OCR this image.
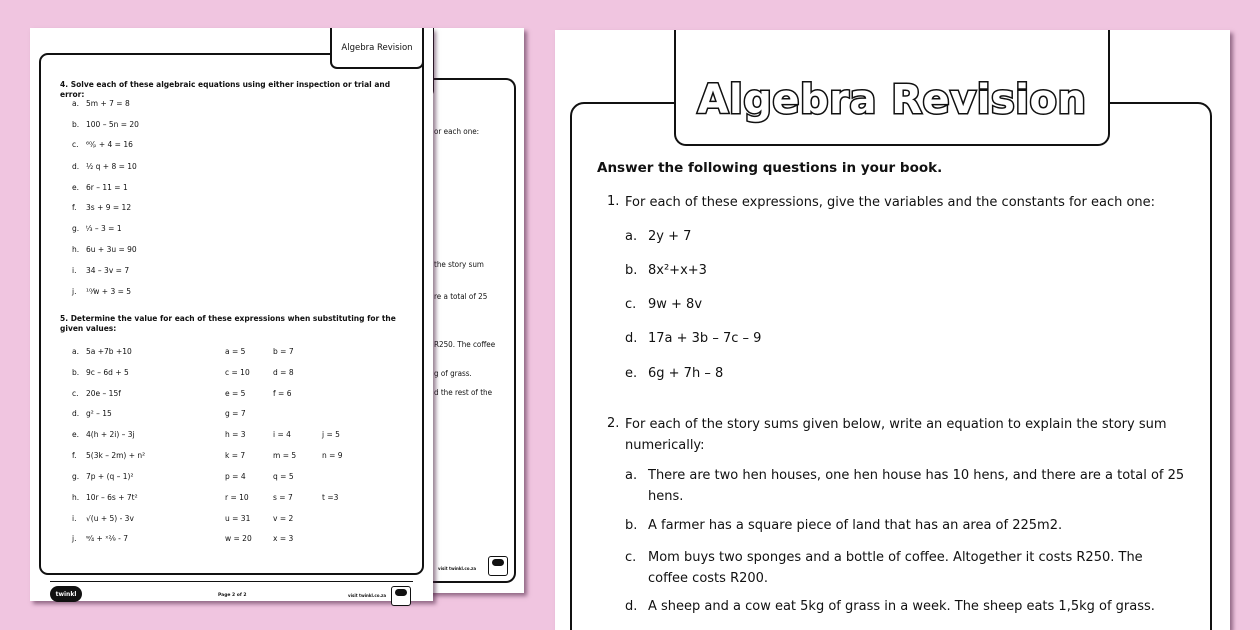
or each one:
the story sum
re a total of 25
R250. The coffee
g of grass.
d the rest of the
visit twinkl.co.za
Algebra Revision
4. Solve each of these algebraic equations using either inspection or trial and error:
a. 5m + 7 = 8
b. 100 – 5n = 20
c. ⁶⁰⁄ₚ + 4 = 16
d. ½ q + 8 = 10
e. 6r – 11 = 1
f. 3s + 9 = 12
g. ᵗ⁄₃ – 3 = 1
h. 6u + 3u = 90
i. 34 – 3v = 7
j. ¹⁰⁄w + 3 = 5
5. Determine the value for each of these expressions when substituting for the given values:
a. 5a +7b +10	a = 5	b = 7
b. 9c – 6d + 5	c = 10	d = 8
c. 20e – 15f	e = 5	f = 6
d. g² – 15	g = 7
e. 4(h + 2i) – 3j	h = 3	i = 4	j = 5
f. 5(3k – 2m) + n²	k = 7	m = 5	n = 9
g. 7p + (q – 1)²	p = 4	q = 5
h. 10r – 6s + 7t²	r = 10	s = 7	t =3
i. √(u + 5) - 3v	u = 31	v = 2
j. ʷ⁄₄ + ˣ²⁄₉ - 7	w = 20	x = 3
twinkl	Page 2 of 2	visit twinkl.co.za
Algebra Revision
Answer the following questions in your book.
1. For each of these expressions, give the variables and the constants for each one:
a. 2y + 7
b. 8x²+x+3
c. 9w + 8v
d. 17a + 3b – 7c – 9
e. 6g + 7h – 8
2. For each of the story sums given below, write an equation to explain the story sum numerically:
a. There are two hen houses, one hen house has 10 hens, and there are a total of 25 hens.
b. A farmer has a square piece of land that has an area of 225m2.
c. Mom buys two sponges and a bottle of coffee. Altogether it costs R250. The coffee costs R200.
d. A sheep and a cow eat 5kg of grass in a week. The sheep eats 1,5kg of grass.
